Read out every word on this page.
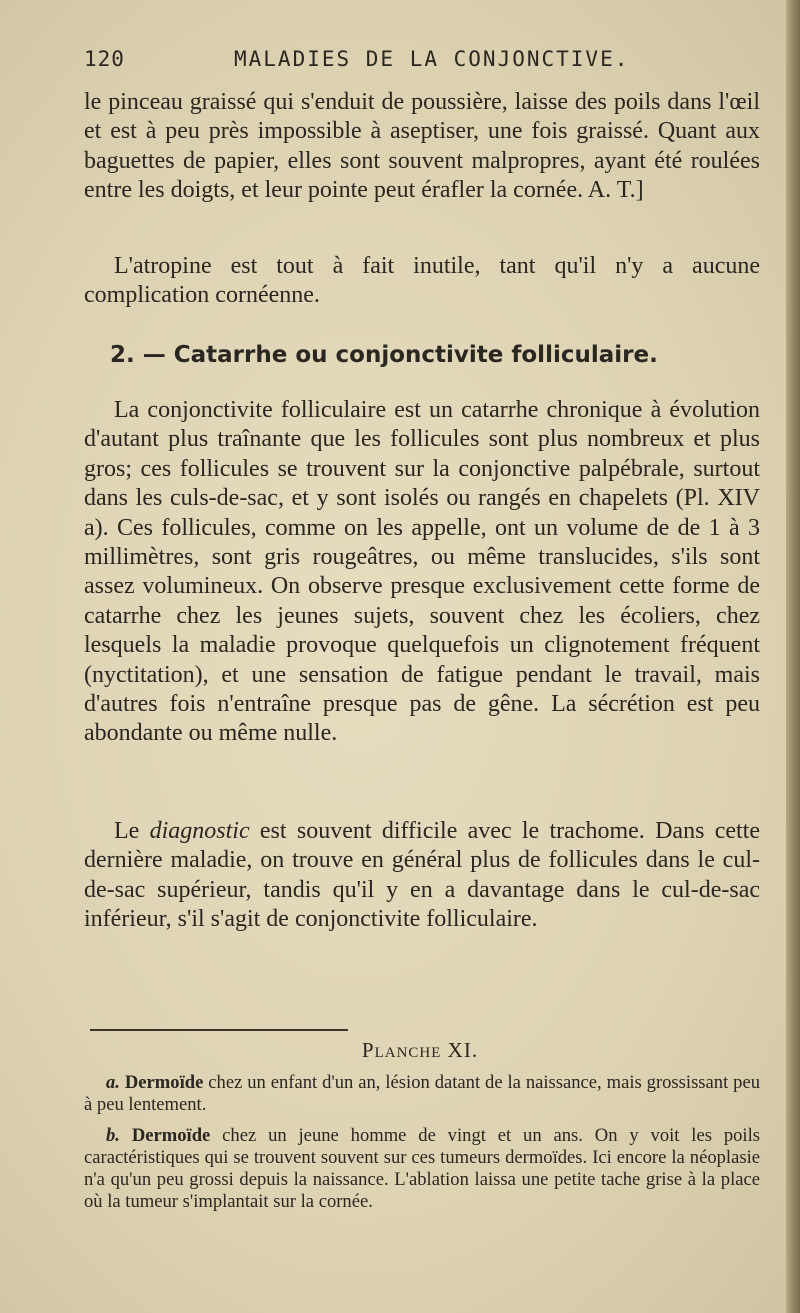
120	MALADIES DE LA CONJONCTIVE.

le pinceau graissé qui s'enduit de poussière, laisse des poils dans l'œil et est à peu près impossible à aseptiser, une fois graissé. Quant aux baguettes de papier, elles sont souvent malpropres, ayant été roulées entre les doigts, et leur pointe peut érafler la cornée. A. T.]

L'atropine est tout à fait inutile, tant qu'il n'y a aucune complication cornéenne.

2. — Catarrhe ou conjonctivite folliculaire.

La conjonctivite folliculaire est un catarrhe chronique à évolution d'autant plus traînante que les follicules sont plus nombreux et plus gros; ces follicules se trouvent sur la conjonctive palpébrale, surtout dans les culs-de-sac, et y sont isolés ou rangés en chapelets (Pl. XIV a). Ces follicules, comme on les appelle, ont un volume de de 1 à 3 millimètres, sont gris rougeâtres, ou même translucides, s'ils sont assez volumineux. On observe presque exclusivement cette forme de catarrhe chez les jeunes sujets, souvent chez les écoliers, chez lesquels la maladie provoque quelquefois un clignotement fréquent (nyctitation), et une sensation de fatigue pendant le travail, mais d'autres fois n'entraîne presque pas de gêne. La sécrétion est peu abondante ou même nulle.

Le diagnostic est souvent difficile avec le trachome. Dans cette dernière maladie, on trouve en général plus de follicules dans le cul-de-sac supérieur, tandis qu'il y en a davantage dans le cul-de-sac inférieur, s'il s'agit de conjonctivite folliculaire.

Planche XI.

a. Dermoïde chez un enfant d'un an, lésion datant de la naissance, mais grossissant peu à peu lentement.

b. Dermoïde chez un jeune homme de vingt et un ans. On y voit les poils caractéristiques qui se trouvent souvent sur ces tumeurs dermoïdes. Ici encore la néoplasie n'a qu'un peu grossi depuis la naissance. L'ablation laissa une petite tache grise à la place où la tumeur s'implantait sur la cornée.
